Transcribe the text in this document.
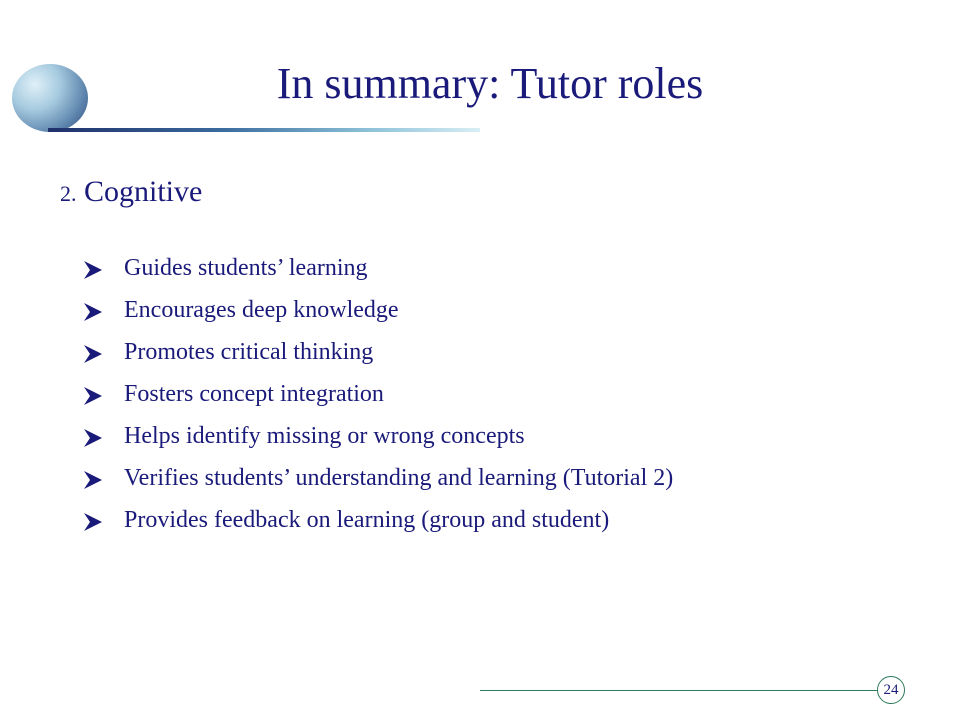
In summary: Tutor roles
2. Cognitive
Guides students’ learning
Encourages deep knowledge
Promotes critical thinking
Fosters concept integration
Helps identify missing or wrong concepts
Verifies students’ understanding and learning (Tutorial 2)
Provides feedback on learning (group and student)
24
